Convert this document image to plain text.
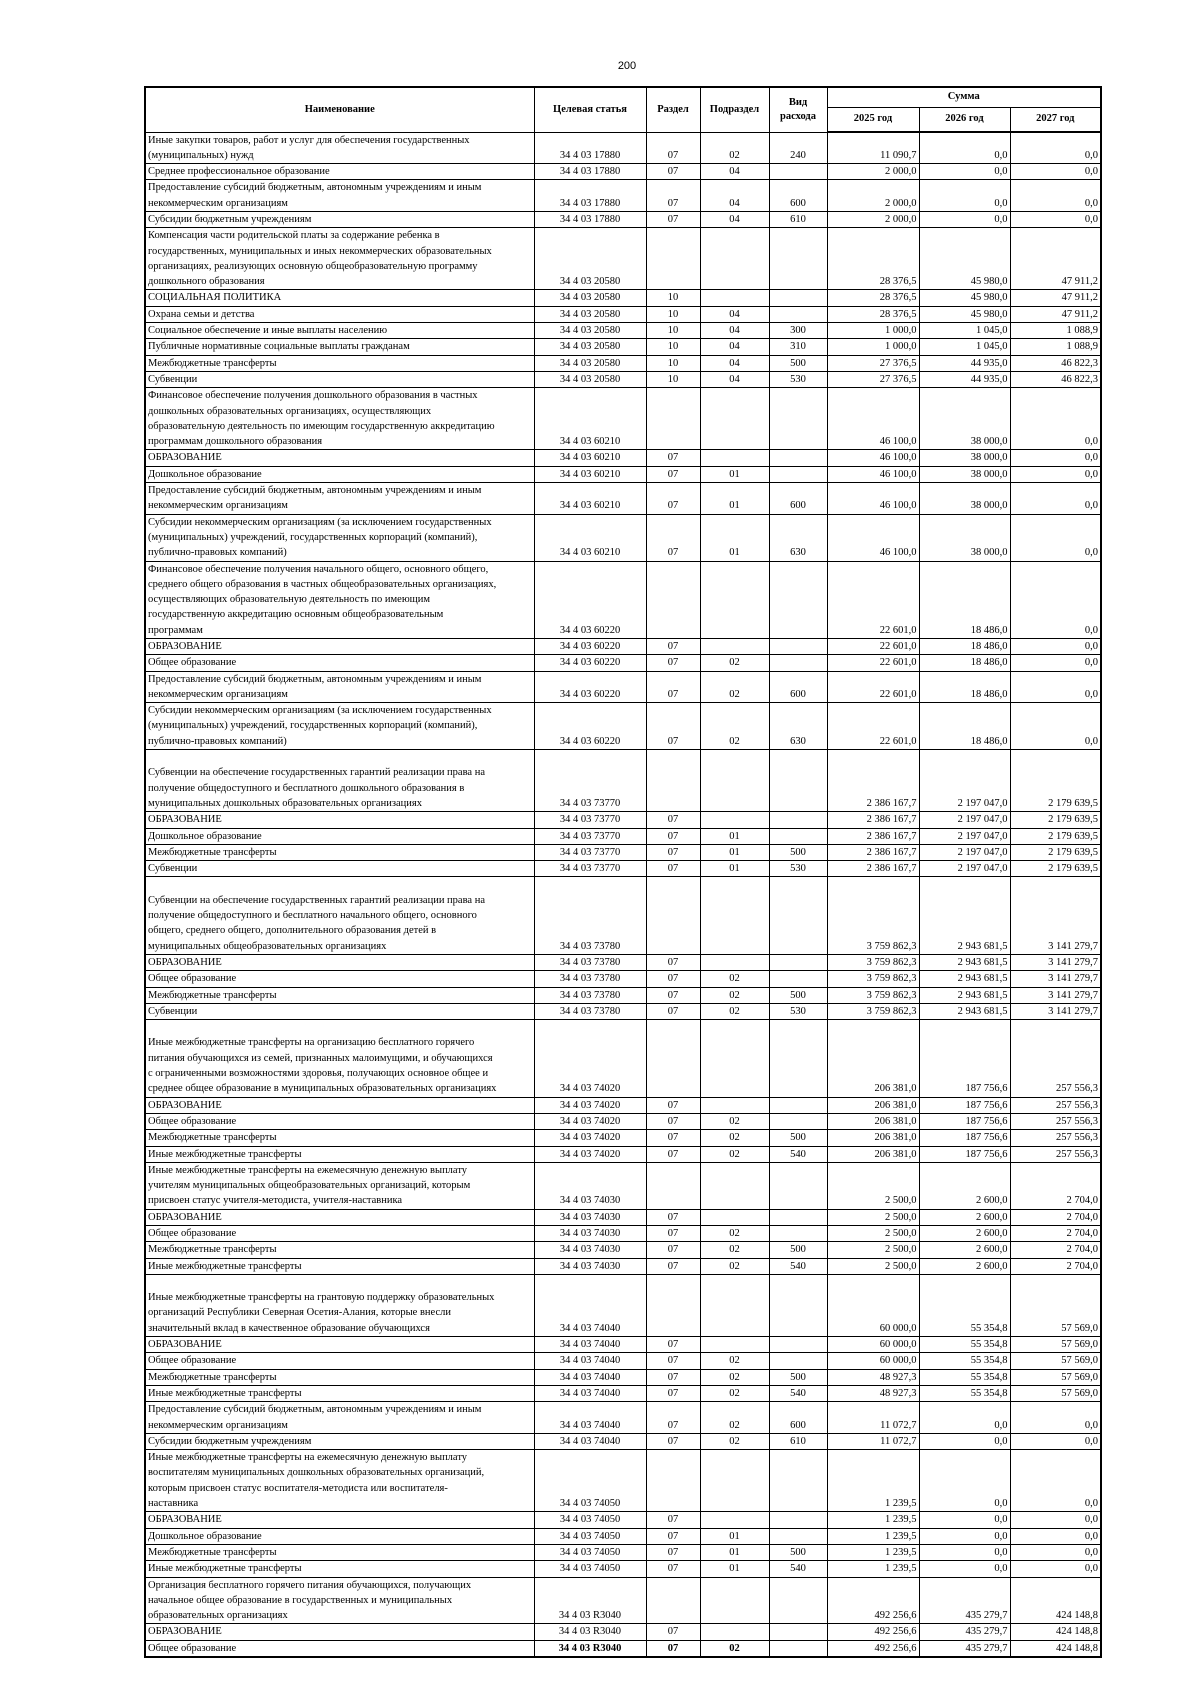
200
Наименование	Целевая статья	Раздел	Подраздел	Вид расхода	Сумма		
					2025 год	2026 год	2027 год
Иные закупки товаров, работ и услуг для обеспечения государственных
(муниципальных) нужд	34 4 03 17880	07	02	240	11 090,7	0,0	0,0
Среднее профессиональное образование	34 4 03 17880	07	04		2 000,0	0,0	0,0
Предоставление субсидий бюджетным, автономным учреждениям и иным
некоммерческим организациям	34 4 03 17880	07	04	600	2 000,0	0,0	0,0
Субсидии бюджетным учреждениям	34 4 03 17880	07	04	610	2 000,0	0,0	0,0
Компенсация части родительской платы за содержание ребенка в
государственных, муниципальных и иных некоммерческих образовательных
организациях, реализующих основную общеобразовательную программу
дошкольного образования	34 4 03 20580				28 376,5	45 980,0	47 911,2
СОЦИАЛЬНАЯ ПОЛИТИКА	34 4 03 20580	10			28 376,5	45 980,0	47 911,2
Охрана семьи и детства	34 4 03 20580	10	04		28 376,5	45 980,0	47 911,2
Социальное обеспечение и иные выплаты населению	34 4 03 20580	10	04	300	1 000,0	1 045,0	1 088,9
Публичные нормативные социальные выплаты гражданам	34 4 03 20580	10	04	310	1 000,0	1 045,0	1 088,9
Межбюджетные трансферты	34 4 03 20580	10	04	500	27 376,5	44 935,0	46 822,3
Субвенции	34 4 03 20580	10	04	530	27 376,5	44 935,0	46 822,3
Финансовое обеспечение получения дошкольного образования в частных
дошкольных образовательных организациях, осуществляющих
образовательную деятельность по имеющим государственную аккредитацию
программам дошкольного образования	34 4 03 60210				46 100,0	38 000,0	0,0
ОБРАЗОВАНИЕ	34 4 03 60210	07			46 100,0	38 000,0	0,0
Дошкольное образование	34 4 03 60210	07	01		46 100,0	38 000,0	0,0
Предоставление субсидий бюджетным, автономным учреждениям и иным
некоммерческим организациям	34 4 03 60210	07	01	600	46 100,0	38 000,0	0,0
Субсидии некоммерческим организациям (за исключением государственных
(муниципальных) учреждений, государственных корпораций (компаний),
публично-правовых компаний)	34 4 03 60210	07	01	630	46 100,0	38 000,0	0,0
Финансовое обеспечение получения начального общего, основного общего,
среднего общего образования в частных общеобразовательных организациях,
осуществляющих образовательную деятельность по имеющим
государственную аккредитацию основным общеобразовательным
программам	34 4 03 60220				22 601,0	18 486,0	0,0
ОБРАЗОВАНИЕ	34 4 03 60220	07			22 601,0	18 486,0	0,0
Общее образование	34 4 03 60220	07	02		22 601,0	18 486,0	0,0
Предоставление субсидий бюджетным, автономным учреждениям и иным
некоммерческим организациям	34 4 03 60220	07	02	600	22 601,0	18 486,0	0,0
Субсидии некоммерческим организациям (за исключением государственных
(муниципальных) учреждений, государственных корпораций (компаний),
публично-правовых компаний)	34 4 03 60220	07	02	630	22 601,0	18 486,0	0,0

Субвенции на обеспечение государственных гарантий реализации права на
получение общедоступного и бесплатного дошкольного образования в
муниципальных дошкольных образовательных организациях	34 4 03 73770				2 386 167,7	2 197 047,0	2 179 639,5
ОБРАЗОВАНИЕ	34 4 03 73770	07			2 386 167,7	2 197 047,0	2 179 639,5
Дошкольное образование	34 4 03 73770	07	01		2 386 167,7	2 197 047,0	2 179 639,5
Межбюджетные трансферты	34 4 03 73770	07	01	500	2 386 167,7	2 197 047,0	2 179 639,5
Субвенции	34 4 03 73770	07	01	530	2 386 167,7	2 197 047,0	2 179 639,5

Субвенции на обеспечение государственных гарантий реализации права на
получение общедоступного и бесплатного начального общего, основного
общего, среднего общего, дополнительного образования детей в
муниципальных общеобразовательных организациях	34 4 03 73780				3 759 862,3	2 943 681,5	3 141 279,7
ОБРАЗОВАНИЕ	34 4 03 73780	07			3 759 862,3	2 943 681,5	3 141 279,7
Общее образование	34 4 03 73780	07	02		3 759 862,3	2 943 681,5	3 141 279,7
Межбюджетные трансферты	34 4 03 73780	07	02	500	3 759 862,3	2 943 681,5	3 141 279,7
Субвенции	34 4 03 73780	07	02	530	3 759 862,3	2 943 681,5	3 141 279,7

Иные межбюджетные трансферты на организацию бесплатного горячего
питания обучающихся из семей, признанных малоимущими, и обучающихся
с ограниченными возможностями здоровья, получающих основное общее и
среднее общее образование в муниципальных образовательных организациях	34 4 03 74020				206 381,0	187 756,6	257 556,3
ОБРАЗОВАНИЕ	34 4 03 74020	07			206 381,0	187 756,6	257 556,3
Общее образование	34 4 03 74020	07	02		206 381,0	187 756,6	257 556,3
Межбюджетные трансферты	34 4 03 74020	07	02	500	206 381,0	187 756,6	257 556,3
Иные межбюджетные трансферты	34 4 03 74020	07	02	540	206 381,0	187 756,6	257 556,3
Иные межбюджетные трансферты на ежемесячную денежную выплату
учителям муниципальных общеобразовательных организаций, которым
присвоен статус учителя-методиста, учителя-наставника	34 4 03 74030				2 500,0	2 600,0	2 704,0
ОБРАЗОВАНИЕ	34 4 03 74030	07			2 500,0	2 600,0	2 704,0
Общее образование	34 4 03 74030	07	02		2 500,0	2 600,0	2 704,0
Межбюджетные трансферты	34 4 03 74030	07	02	500	2 500,0	2 600,0	2 704,0
Иные межбюджетные трансферты	34 4 03 74030	07	02	540	2 500,0	2 600,0	2 704,0

Иные межбюджетные трансферты на грантовую поддержку образовательных
организаций Республики Северная Осетия-Алания, которые внесли
значительный вклад в качественное образование обучающихся	34 4 03 74040				60 000,0	55 354,8	57 569,0
ОБРАЗОВАНИЕ	34 4 03 74040	07			60 000,0	55 354,8	57 569,0
Общее образование	34 4 03 74040	07	02		60 000,0	55 354,8	57 569,0
Межбюджетные трансферты	34 4 03 74040	07	02	500	48 927,3	55 354,8	57 569,0
Иные межбюджетные трансферты	34 4 03 74040	07	02	540	48 927,3	55 354,8	57 569,0
Предоставление субсидий бюджетным, автономным учреждениям и иным
некоммерческим организациям	34 4 03 74040	07	02	600	11 072,7	0,0	0,0
Субсидии бюджетным учреждениям	34 4 03 74040	07	02	610	11 072,7	0,0	0,0
Иные межбюджетные трансферты на ежемесячную денежную выплату
воспитателям муниципальных дошкольных образовательных организаций,
которым присвоен статус воспитателя-методиста или воспитателя-
наставника	34 4 03 74050				1 239,5	0,0	0,0
ОБРАЗОВАНИЕ	34 4 03 74050	07			1 239,5	0,0	0,0
Дошкольное образование	34 4 03 74050	07	01		1 239,5	0,0	0,0
Межбюджетные трансферты	34 4 03 74050	07	01	500	1 239,5	0,0	0,0
Иные межбюджетные трансферты	34 4 03 74050	07	01	540	1 239,5	0,0	0,0
Организация бесплатного горячего питания обучающихся, получающих
начальное общее образование в государственных и муниципальных
образовательных организациях	34 4 03 R3040				492 256,6	435 279,7	424 148,8
ОБРАЗОВАНИЕ	34 4 03 R3040	07			492 256,6	435 279,7	424 148,8
Общее образование	34 4 03 R3040	07	02		492 256,6	435 279,7	424 148,8
